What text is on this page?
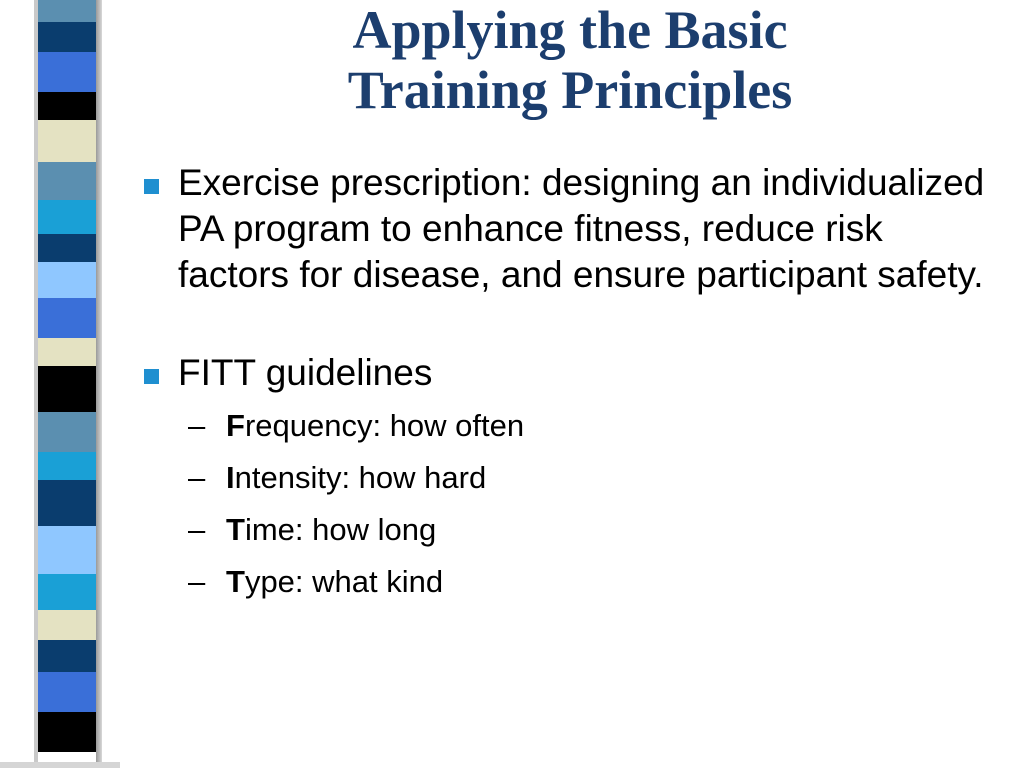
Applying the Basic
Training Principles

Exercise prescription: designing an individualized PA program to enhance fitness, reduce risk factors for disease, and ensure participant safety.

FITT guidelines

– Frequency: how often
– Intensity: how hard
– Time: how long
– Type: what kind
